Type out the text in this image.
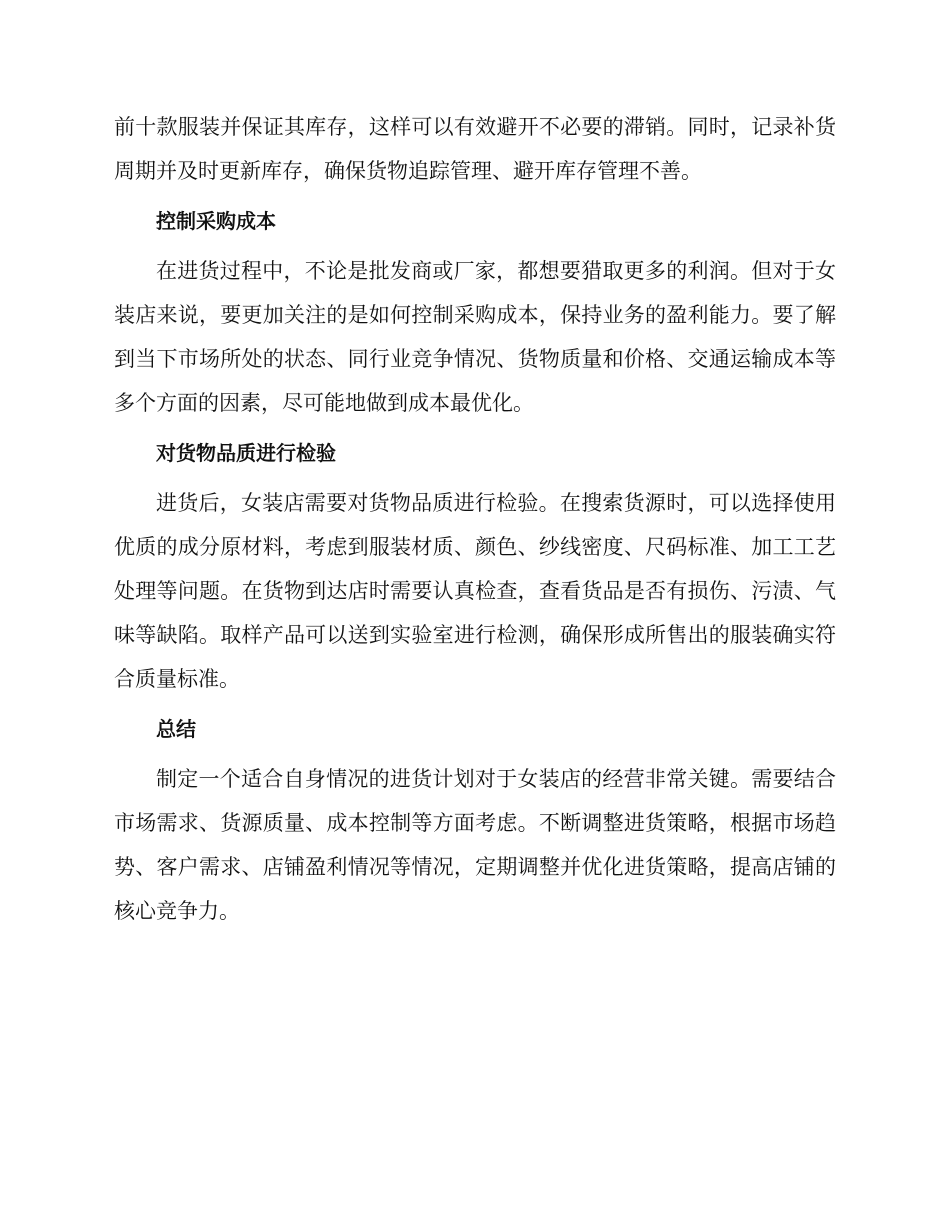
前十款服装并保证其库存，这样可以有效避开不必要的滞销。同时，记录补货周期并及时更新库存，确保货物追踪管理、避开库存管理不善。

控制采购成本

在进货过程中，不论是批发商或厂家，都想要猎取更多的利润。但对于女装店来说，要更加关注的是如何控制采购成本，保持业务的盈利能力。要了解到当下市场所处的状态、同行业竞争情况、货物质量和价格、交通运输成本等多个方面的因素，尽可能地做到成本最优化。

对货物品质进行检验

进货后，女装店需要对货物品质进行检验。在搜索货源时，可以选择使用优质的成分原材料，考虑到服装材质、颜色、纱线密度、尺码标准、加工工艺处理等问题。在货物到达店时需要认真检查，查看货品是否有损伤、污渍、气味等缺陷。取样产品可以送到实验室进行检测，确保形成所售出的服装确实符合质量标准。

总结

制定一个适合自身情况的进货计划对于女装店的经营非常关键。需要结合市场需求、货源质量、成本控制等方面考虑。不断调整进货策略，根据市场趋势、客户需求、店铺盈利情况等情况，定期调整并优化进货策略，提高店铺的核心竞争力。
